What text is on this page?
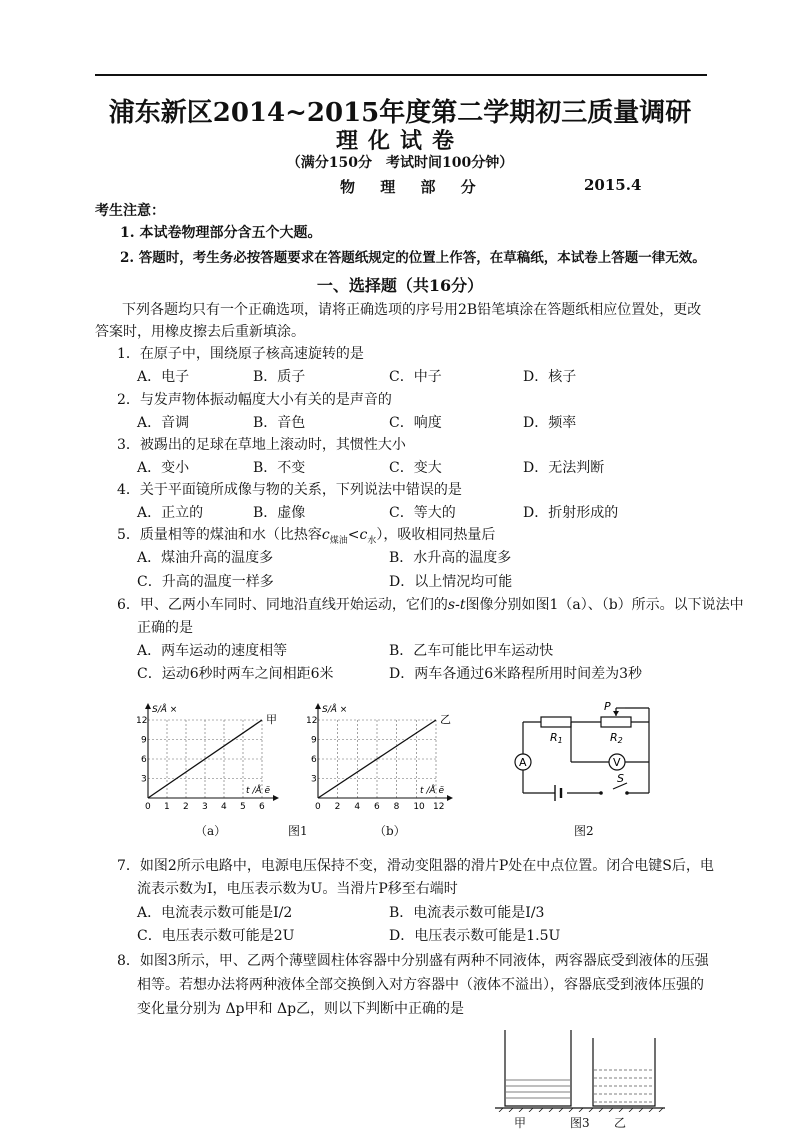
浦东新区2014~2015年度第二学期初三质量调研
理化试卷
（满分150分　考试时间100分钟）
物 理 部 分	2015.4
考生注意：
1. 本试卷物理部分含五个大题。
2. 答题时，考生务必按答题要求在答题纸规定的位置上作答，在草稿纸，本试卷上答题一律无效。
一、选择题（共16分）
下列各题均只有一个正确选项，请将正确选项的序号用2B铅笔填涂在答题纸相应位置处，更改
答案时，用橡皮擦去后重新填涂。
1．在原子中，围绕原子核高速旋转的是
A．电子	B．质子	C．中子	D．核子
2．与发声物体振动幅度大小有关的是声音的
A．音调	B．音色	C．响度	D．频率
3．被踢出的足球在草地上滚动时，其惯性大小
A．变小	B．不变	C．变大	D．无法判断
4．关于平面镜所成像与物的关系，下列说法中错误的是
A．正立的	B．虚像	C．等大的	D．折射形成的
5．质量相等的煤油和水（比热容$c_{煤油}<c_水$），吸收相同热量后
A．煤油升高的温度多	B．水升高的温度多
C．升高的温度一样多	D．以上情况均可能
6．甲、乙两小车同时、同地沿直线开始运动，它们的s-t图像分别如图1（a）、（b）所示。以下说法中
正确的是
A．两车运动的速度相等	B．乙车可能比甲车运动快
C．运动6秒时两车之间相距6米	D．两车各通过6米路程所用时间差为3秒
0 1 2 3 4 5 6
3
6
9
12
S/Å ×
t /Å ë
甲
0 2 4 6 8 10 12
3
6
9
12
S/Å ×
t /Å ë
乙
（a）	图1	（b）
A	V
R1	R2
P
S
图2
7．如图2所示电路中，电源电压保持不变，滑动变阻器的滑片P处在中点位置。闭合电键S后，电
流表示数为I，电压表示数为U。当滑片P移至右端时
A．电流表示数可能是I/2	B．电流表示数可能是I/3
C．电压表示数可能是2U	D．电压表示数可能是1.5U
8．如图3所示，甲、乙两个薄壁圆柱体容器中分别盛有两种不同液体，两容器底受到液体的压强
相等。若想办法将两种液体全部交换倒入对方容器中（液体不溢出），容器底受到液体压强的
变化量分别为 Δp甲和 Δp乙，则以下判断中正确的是
甲	图3 乙
